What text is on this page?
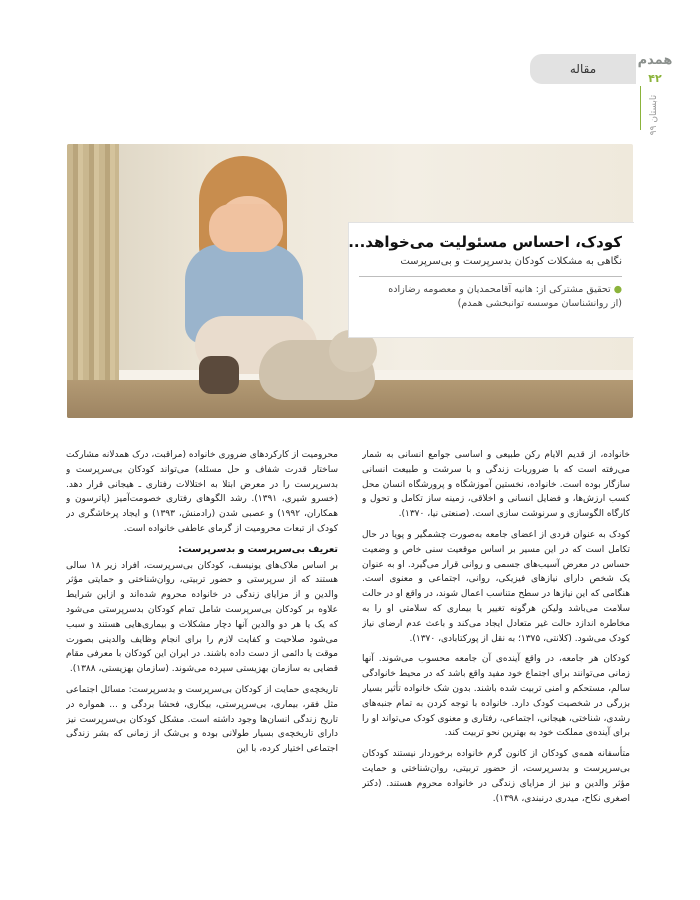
مقاله
همدم
۴۲
تابستان ۹۹
کودک، احساس مسئولیت می‌خواهد...
نگاهی به مشکلات کودکان بدسرپرست و بی‌سرپرست
● تحقیق مشترکی از: هانیه آقامحمدیان و معصومه رضازاده
(از روانشناسان موسسه توانبخشی همدم)

خانواده، از قدیم الایام رکن طبیعی و اساسی جوامع انسانی به شمار می‌رفته است که با ضروریات زندگی و با سرشت و طبیعت انسانی سازگار بوده است. خانواده، نخستین آموزشگاه و پرورشگاه انسان محل کسب ارزش‌ها، و فضایل انسانی و اخلاقی، زمینه ساز تکامل و تحول و کارگاه الگوسازی و سرنوشت سازی است. (صنعتی نیا، ۱۳۷۰).

کودک به عنوان فردی از اعضای جامعه به‌صورت چشمگیر و پویا در حال تکامل است که در این مسیر بر اساس موقعیت سنی خاص و وضعیت حساس در معرض آسیب‌های جسمی و روانی قرار می‌گیرد. او به عنوان یک شخص دارای نیازهای فیزیکی، روانی، اجتماعی و معنوی است. هنگامی که این نیازها در سطح متناسب اعمال شوند، در واقع او در حالت سلامت می‌باشد ولیکن هرگونه تغییر یا بیماری که سلامتی او را به مخاطره اندازد حالت غیر متعادل ایجاد می‌کند و باعث عدم ارضای نیاز کودک می‌شود. (کلانتی، ۱۳۷۵؛ به نقل از پورکتابادی، ۱۳۷۰).

کودکان هر جامعه، در واقع آینده‌ی آن جامعه محسوب می‌شوند. آنها زمانی می‌توانند برای اجتماع خود مفید واقع باشد که در محیط خانوادگی سالم، مستحکم و امنی تربیت شده باشند. بدون شک خانواده تأثیر بسیار بزرگی در شخصیت کودک دارد. خانواده با توجه کردن به تمام جنبه‌های رشدی، شناختی، هیجانی، اجتماعی، رفتاری و معنوی کودک می‌تواند او را برای آینده‌ی مملکت خود به بهترین نحو تربیت کند.

متأسفانه همه‌ی کودکان از کانون گرم خانواده برخوردار نیستند کودکان بی‌سرپرست و بدسرپرست، از حضور تربیتی، روان‌شناختی و حمایت مؤثر والدین و نیز از مزایای زندگی در خانواده محروم هستند. (دکتر اصغری نکاح، میدری درنبندی، ۱۳۹۸).

محرومیت از کارکردهای ضروری خانواده (مراقبت، درک همدلانه مشارکت ساختار قدرت شفاف و حل مسئله) می‌تواند کودکان بی‌سرپرست و بدسرپرست را در معرض ابتلا به اختلالات رفتاری ـ هیجانی قرار دهد. (خسرو شیری، ۱۳۹۱). رشد الگوهای رفتاری خصومت‌آمیز (پاترسون و همکاران، ۱۹۹۲) و عصبی شدن (رادمنش، ۱۳۹۳) و ایجاد پرخاشگری در کودک از تبعات محرومیت از گرمای عاطفی خانواده است.

تعریف بی‌سرپرست و بدسرپرست:

بر اساس ملاک‌های یونیسف، کودکان بی‌سرپرست، افراد زیر ۱۸ سالی هستند که از سرپرستی و حضور تربیتی، روان‌شناختی و حمایتی مؤثر والدین و از مزایای زندگی در خانواده محروم شده‌اند و ازاین شرایط علاوه بر کودکان بی‌سرپرست شامل تمام کودکان بدسرپرستی می‌شود که یک یا هر دو والدین آنها دچار مشکلات و بیماری‌هایی هستند و سبب می‌شود صلاحیت و کفایت لازم را برای انجام وظایف والدینی بصورت موقت یا دائمی از دست داده باشند. در ایران این کودکان با معرفی مقام قضایی به سازمان بهزیستی سپرده می‌شوند. (سازمان بهزیستی، ۱۳۸۸).

تاریخچه‌ی حمایت از کودکان بی‌سرپرست و بدسرپرست: مسائل اجتماعی مثل فقر، بیماری، بی‌سرپرستی، بیکاری، فحشا بردگی و ... همواره در تاریخ زندگی انسان‌ها وجود داشته است. مشکل کودکان بی‌سرپرست نیز دارای تاریخچه‌ی بسیار طولانی بوده و بی‌شک از زمانی که بشر زندگی اجتماعی اختیار کرده، با این
